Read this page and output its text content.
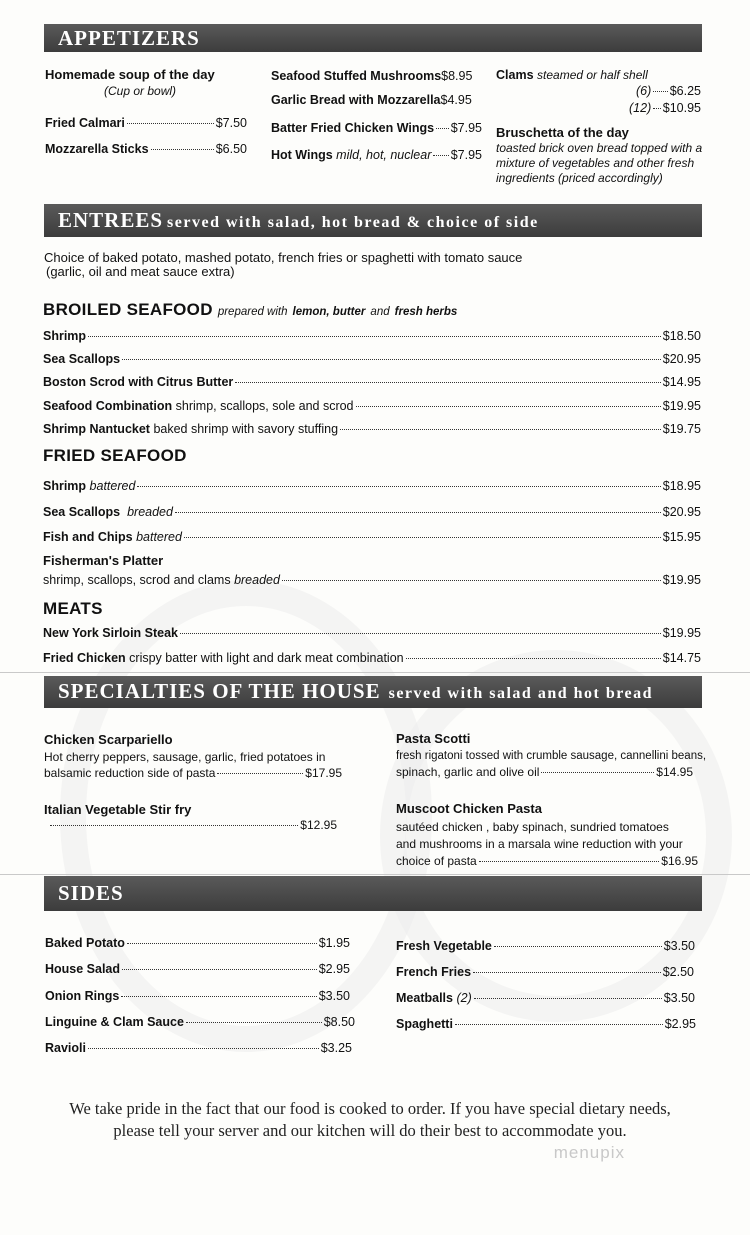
APPETIZERS
Homemade soup of the day
(Cup or bowl)
Fried Calmari	$7.50
Mozzarella Sticks	$6.50
Seafood Stuffed Mushrooms $8.95
Garlic Bread with Mozzarella $4.95
Batter Fried Chicken Wings $7.95
Hot Wings
mild, hot, nuclear $7.95
Clams
steamed or half shell
(6) $6.25
(12) $10.95
Bruschetta of the day
toasted brick oven bread topped with a
mixture of vegetables and other fresh
ingredients (priced accordingly)
ENTREES served with salad, hot bread & choice of side
Choice of baked potato, mashed potato, french fries or spaghetti with tomato sauce
(garlic, oil and meat sauce extra)
BROILED SEAFOOD prepared with lemon, butter and fresh herbs
Shrimp	$18.50
Sea Scallops	$20.95
Boston Scrod with Citrus Butter	$14.95
Seafood Combination
shrimp, scallops, sole and scrod	$19.95
Shrimp Nantucket
baked shrimp with savory stuffing	$19.75
FRIED SEAFOOD
Shrimp
battered	$18.95
Sea Scallops
breaded	$20.95
Fish and Chips
battered	$15.95
Fisherman's Platter
shrimp, scallops, scrod and clams
breaded	$19.95
MEATS
New York Sirloin Steak	$19.95
Fried Chicken
crispy batter with light and dark meat combination	$14.75
SPECIALTIES OF THE HOUSE served with salad and hot bread
Chicken Scarpariello
Hot cherry peppers, sausage, garlic, fried potatoes in
balsamic reduction side of pasta	$17.95
Italian Vegetable Stir fry
$12.95
Pasta Scotti
fresh rigatoni tossed with crumble sausage, cannellini beans,
spinach, garlic and olive oil	$14.95
Muscoot Chicken Pasta
sautéed chicken , baby spinach, sundried tomatoes
and mushrooms in a marsala wine reduction with your
choice of pasta	$16.95
SIDES
Baked Potato	$1.95
House Salad	$2.95
Onion Rings	$3.50
Linguine & Clam Sauce	$8.50
Ravioli	$3.25
Fresh Vegetable	$3.50
French Fries	$2.50
Meatballs
(2)	$3.50
Spaghetti	$2.95
We take pride in the fact that our food is cooked to order. If you have special dietary needs,
please tell your server and our kitchen will do their best to accommodate you.
menupix
